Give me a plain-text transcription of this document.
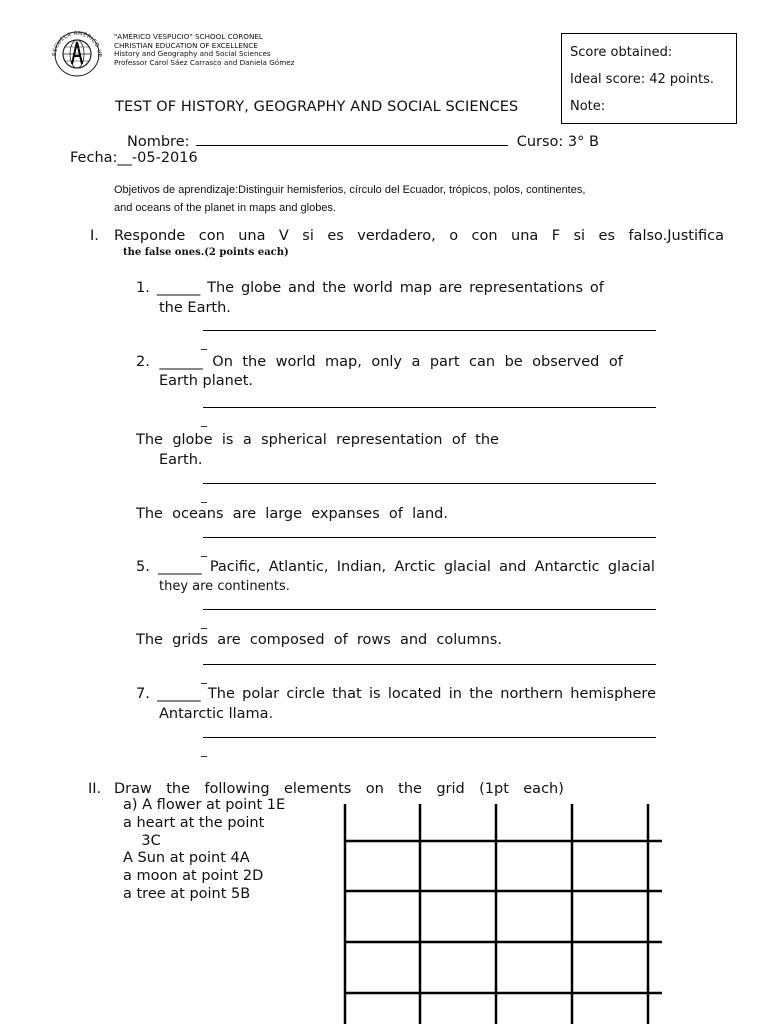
ESCUELA AMÉRICO VE
"AMÉRICO VESPUCIO" SCHOOL CORONEL
CHRISTIAN EDUCATION OF EXCELLENCE
History and Geography and Social Sciences
Professor Carol Sáez Carrasco and Daniela Gómez
Score obtained:
Ideal score: 42 points.
Note:
TEST OF HISTORY, GEOGRAPHY AND SOCIAL SCIENCES
Nombre:	Curso: 3° B
Fecha:__-05-2016
Objetivos de aprendizaje:Distinguir hemisferios, círculo del Ecuador, trópicos, polos, continentes,
and oceans of the planet in maps and globes.
I. Responde con una V si es verdadero, o con una F si es falso.Justifica
the false ones.(2 points each)
1. ______ The globe and the world map are representations of
the Earth.
_
2. ______ On the world map, only a part can be observed of
Earth planet.
_
The globe is a spherical representation of the
Earth.
_
The oceans are large expanses of land.
_
5. ______ Pacific, Atlantic, Indian, Arctic glacial and Antarctic glacial
they are continents.
_
The grids are composed of rows and columns.
_
7. ______ The polar circle that is located in the northern hemisphere
Antarctic llama.
_
II. Draw the following elements on the grid (1pt each)
a) A flower at point 1E
a heart at the point
3C
A Sun at point 4A
a moon at point 2D
a tree at point 5B
